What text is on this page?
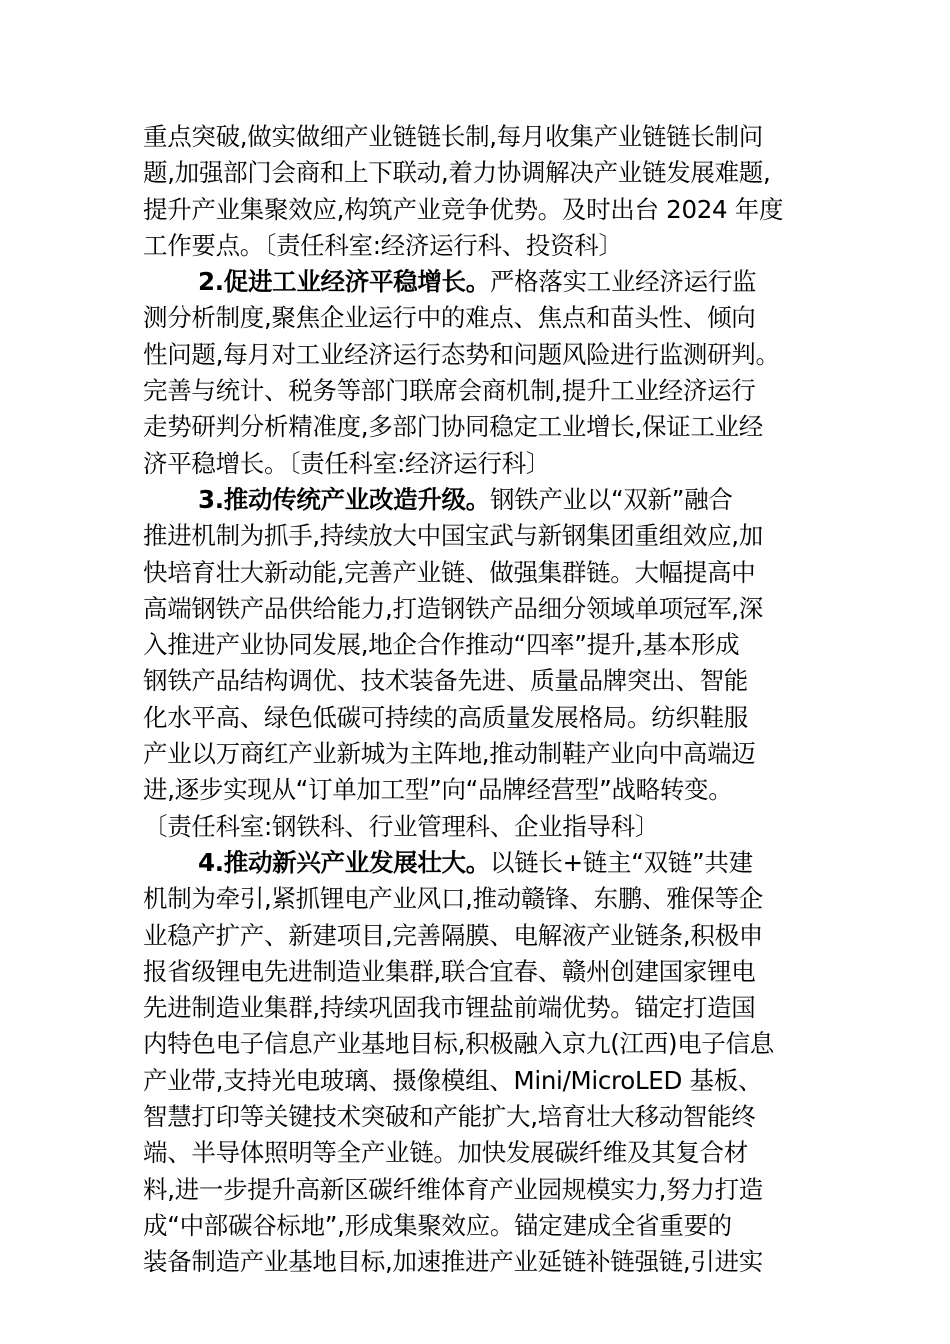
重点突破,做实做细产业链链长制,每月收集产业链链长制问
题,加强部门会商和上下联动,着力协调解决产业链发展难题,
提升产业集聚效应,构筑产业竞争优势。及时出台 2024 年度
工作要点。〔责任科室:经济运行科、投资科〕
2.促进工业经济平稳增长。严格落实工业经济运行监
测分析制度,聚焦企业运行中的难点、焦点和苗头性、倾向
性问题,每月对工业经济运行态势和问题风险进行监测研判。
完善与统计、税务等部门联席会商机制,提升工业经济运行
走势研判分析精准度,多部门协同稳定工业增长,保证工业经
济平稳增长。〔责任科室:经济运行科〕
3.推动传统产业改造升级。钢铁产业以“双新”融合
推进机制为抓手,持续放大中国宝武与新钢集团重组效应,加
快培育壮大新动能,完善产业链、做强集群链。大幅提高中
高端钢铁产品供给能力,打造钢铁产品细分领域单项冠军,深
入推进产业协同发展,地企合作推动“四率”提升,基本形成
钢铁产品结构调优、技术装备先进、质量品牌突出、智能
化水平高、绿色低碳可持续的高质量发展格局。纺织鞋服
产业以万商红产业新城为主阵地,推动制鞋产业向中高端迈
进,逐步实现从“订单加工型”向“品牌经营型”战略转变。
〔责任科室:钢铁科、行业管理科、企业指导科〕
4.推动新兴产业发展壮大。以链长+链主“双链”共建
机制为牵引,紧抓锂电产业风口,推动赣锋、东鹏、雅保等企
业稳产扩产、新建项目,完善隔膜、电解液产业链条,积极申
报省级锂电先进制造业集群,联合宜春、赣州创建国家锂电
先进制造业集群,持续巩固我市锂盐前端优势。锚定打造国
内特色电子信息产业基地目标,积极融入京九(江西)电子信息
产业带,支持光电玻璃、摄像模组、Mini/MicroLED 基板、
智慧打印等关键技术突破和产能扩大,培育壮大移动智能终
端、半导体照明等全产业链。加快发展碳纤维及其复合材
料,进一步提升高新区碳纤维体育产业园规模实力,努力打造
成“中部碳谷标地”,形成集聚效应。锚定建成全省重要的
装备制造产业基地目标,加速推进产业延链补链强链,引进实
